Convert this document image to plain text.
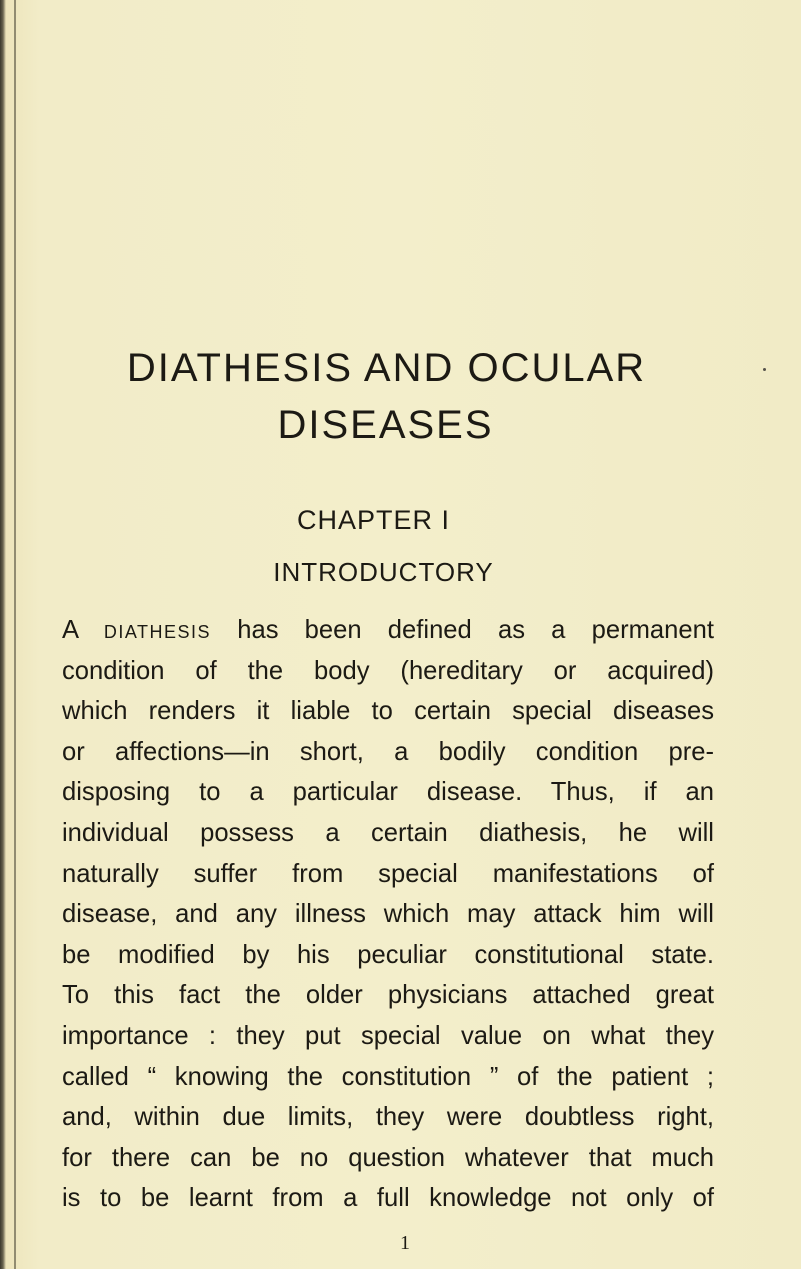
DIATHESIS AND OCULAR
DISEASES
CHAPTER I
INTRODUCTORY
A DIATHESIS has been defined as a permanent
condition of the body (hereditary or acquired)
which renders it liable to certain special diseases
or affections—in short, a bodily condition pre-
disposing to a particular disease. Thus, if an
individual possess a certain diathesis, he will
naturally suffer from special manifestations of
disease, and any illness which may attack him will
be modified by his peculiar constitutional state.
To this fact the older physicians attached great
importance : they put special value on what they
called “ knowing the constitution ” of the patient ;
and, within due limits, they were doubtless right,
for there can be no question whatever that much
is to be learnt from a full knowledge not only of
1
